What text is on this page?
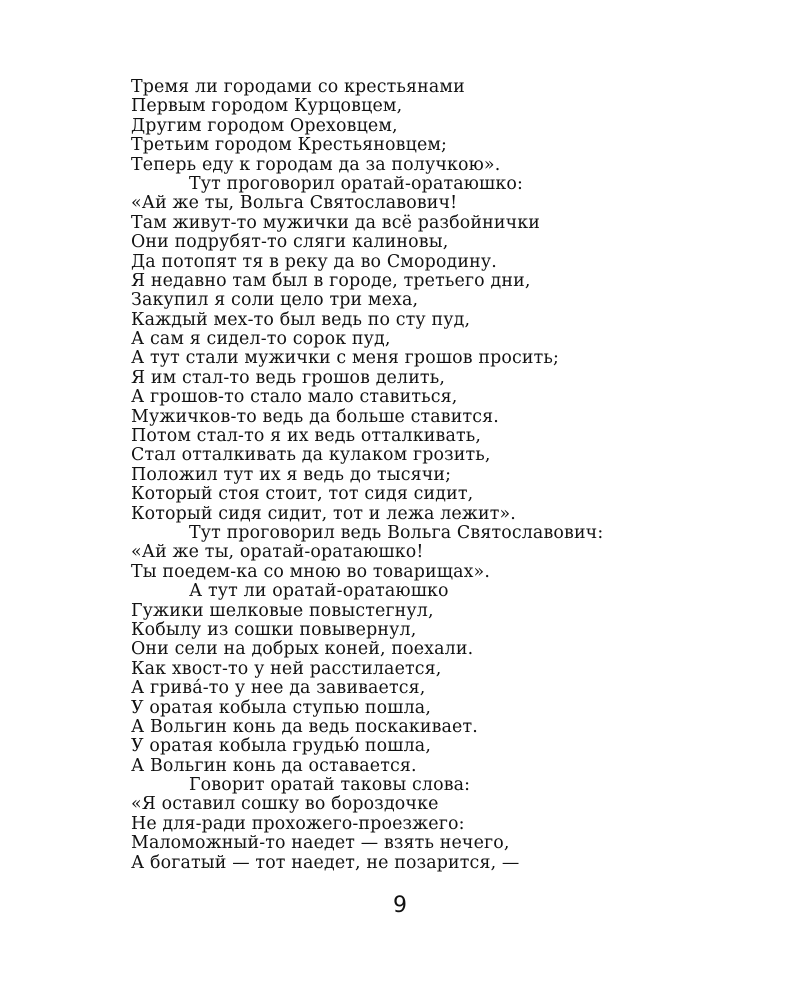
Тремя ли городами со крестьянами
Первым городом Курцовцем,
Другим городом Ореховцем,
Третьим городом Крестьяновцем;
Теперь еду к городам да за получкою».
Тут проговорил оратай-оратаюшко:
«Ай же ты, Вольга Святославович!
Там живут-то мужички да всё разбойнички
Они подрубят-то сляги калиновы,
Да потопят тя в реку да во Смородину.
Я недавно там был в городе, третьего дни,
Закупил я соли цело три меха,
Каждый мех-то был ведь по сту пуд,
А сам я сидел-то сорок пуд,
А тут стали мужички с меня грошов просить;
Я им стал-то ведь грошов делить,
А грошов-то стало мало ставиться,
Мужичков-то ведь да больше ставится.
Потом стал-то я их ведь отталкивать,
Стал отталкивать да кулаком грозить,
Положил тут их я ведь до тысячи;
Который стоя стоит, тот сидя сидит,
Который сидя сидит, тот и лежа лежит».
Тут проговорил ведь Вольга Святославович:
«Ай же ты, оратай-оратаюшко!
Ты поедем-ка со мною во товарищах».
А тут ли оратай-оратаюшко
Гужики шелковые повыстегнул,
Кобылу из сошки повывернул,
Они сели на добрых коней, поехали.
Как хвост-то у ней расстилается,
А грива́-то у нее да завивается,
У оратая кобыла ступью пошла,
А Вольгин конь да ведь поскакивает.
У оратая кобыла грудью́ пошла,
А Вольгин конь да оставается.
Говорит оратай таковы слова:
«Я оставил сошку во бороздочке
Не для-ради прохожего-проезжего:
Маломожный-то наедет — взять нечего,
А богатый — тот наедет, не позарится, —
9
